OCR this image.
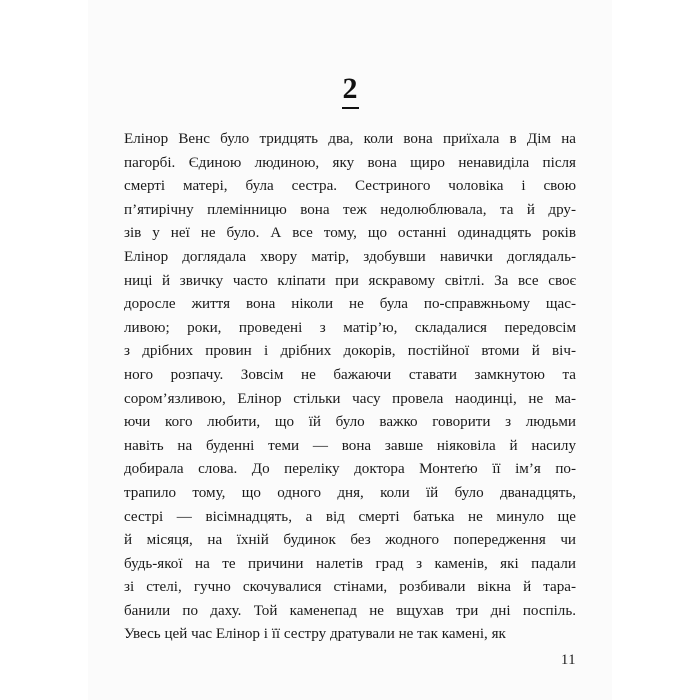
2

Елінор Венс було тридцять два, коли вона приїхала в Дім на
пагорбі. Єдиною людиною, яку вона щиро ненавиділа після
смерті матері, була сестра. Сестриного чоловіка і свою
п’ятирічну племінницю вона теж недолюблювала, та й дру-
зів у неї не було. А все тому, що останні одинадцять років
Елінор доглядала хвору матір, здобувши навички доглядаль-
ниці й звичку часто кліпати при яскравому світлі. За все своє
доросле життя вона ніколи не була по-справжньому щас-
ливою; роки, проведені з матір’ю, складалися передовсім
з дрібних провин і дрібних докорів, постійної втоми й віч-
ного розпачу. Зовсім не бажаючи ставати замкнутою та
сором’язливою, Елінор стільки часу провела наодинці, не ма-
ючи кого любити, що їй було важко говорити з людьми
навіть на буденні теми — вона завше ніяковіла й насилу
добирала слова. До переліку доктора Монтеґю її ім’я по-
трапило тому, що одного дня, коли їй було дванадцять,
сестрі — вісімнадцять, а від смерті батька не минуло ще
й місяця, на їхній будинок без жодного попередження чи
будь-якої на те причини налетів град з каменів, які падали
зі стелі, гучно скочувалися стінами, розбивали вікна й тара-
банили по даху. Той каменепад не вщухав три дні поспіль.
Увесь цей час Елінор і її сестру дратували не так камені, як

11
